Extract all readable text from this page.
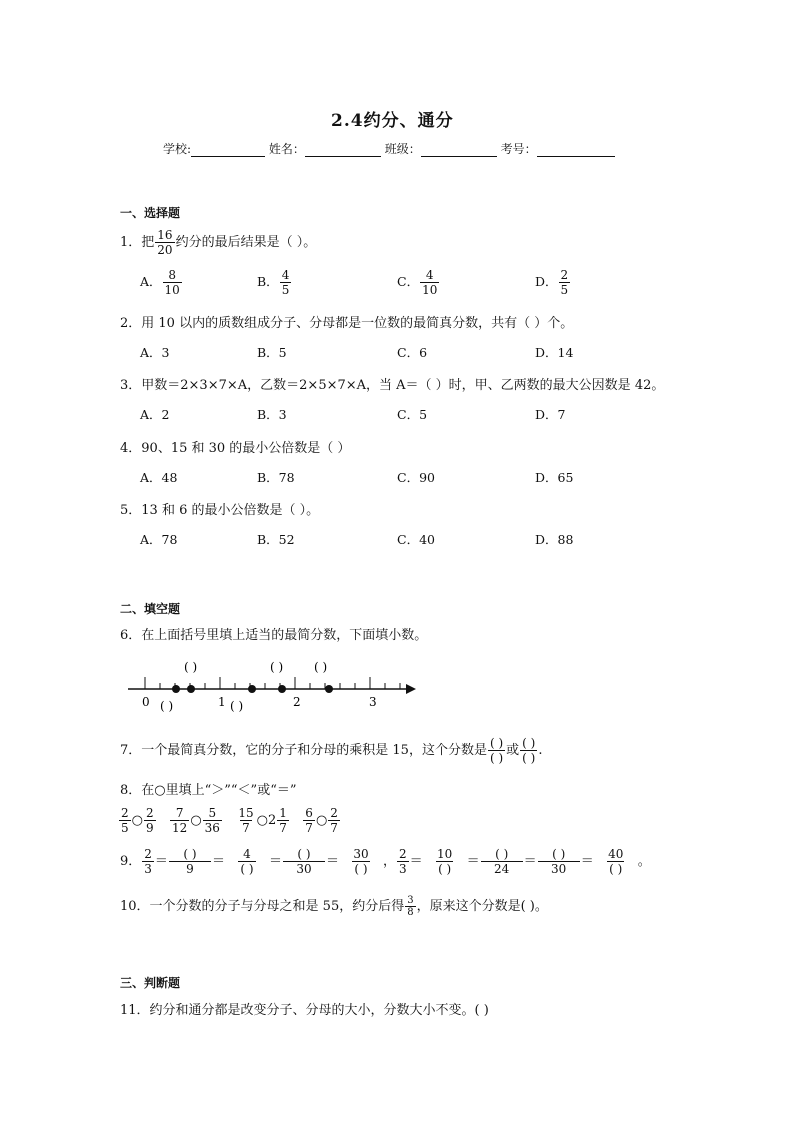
2.4约分、通分
学校:	姓名：	班级：	考号：
一、选择题
1．把 $\frac{16}{20}$ 约分的最后结果是（ ）。
A． $\frac{8}{10}$	B． $\frac{4}{5}$	C． $\frac{4}{10}$	D． $\frac{2}{5}$
2．用 10 以内的质数组成分子、分母都是一位数的最简真分数，共有（ ）个。
A．3	B．5	C．6	D．14
3．甲数＝2×3×7×A，乙数＝2×5×7×A，当 A＝（ ）时，甲、乙两数的最大公因数是 42。
A．2	B．3	C．5	D．7
4．90、15 和 30 的最小公倍数是（ ）
A．48	B．78	C．90	D．65
5．13 和 6 的最小公倍数是（ ）。
A．78	B．52	C．40	D．88
二、填空题
6．在上面括号里填上适当的最简分数，下面填小数。
0	1	2	3
( )	( )	( )
( )	( )
7．一个最简真分数，它的分子和分母的乘积是 15，这个分数是 $\frac{( )}{( )}$ 或 $\frac{( )}{( )}$ .
8．在○里填上“＞”“＜”或“＝”
$\frac{2}{5}$ ○ $\frac{2}{9}$
$\frac{7}{12}$ ○ $\frac{5}{36}$
$\frac{15}{7}$ ○2 $\frac{1}{7}$
$\frac{6}{7}$ ○ $\frac{2}{7}$
9． $\frac{2}{3} = \frac{( )}{9} = \frac{4}{( )} = \frac{( )}{30} = \frac{30}{( )}$ ， $\frac{2}{3} = \frac{10}{( )} = \frac{( )}{24} = \frac{( )}{30} = \frac{40}{( )}$ 。
10．一个分数的分子与分母之和是 55，约分后得 $\frac{3}{8}$ ，原来这个分数是( )。
三、判断题
11．约分和通分都是改变分子、分母的大小，分数大小不变。( )
